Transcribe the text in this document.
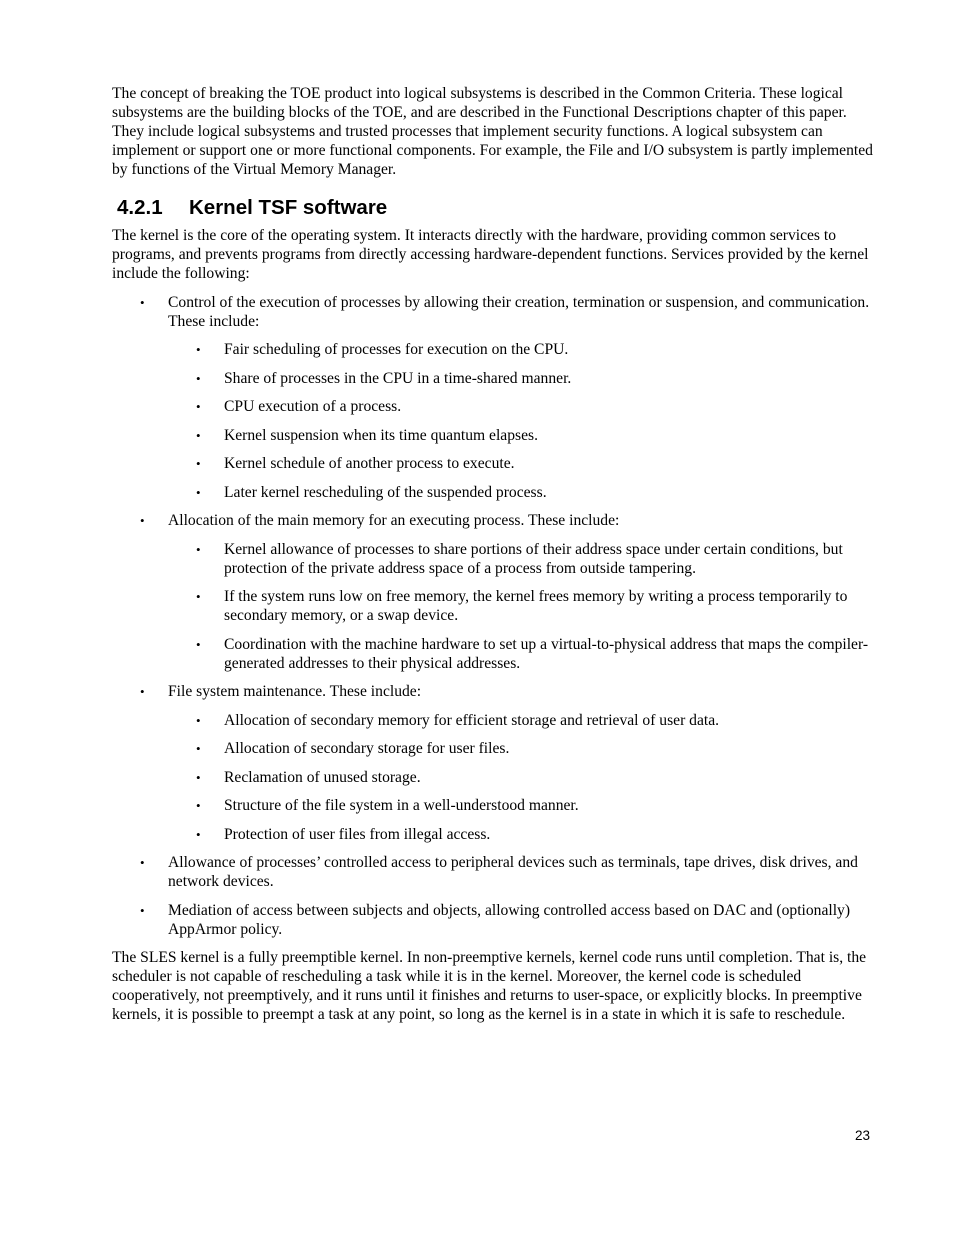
The concept of breaking the TOE product into logical subsystems is described in the Common Criteria. These logical subsystems are the building blocks of the TOE, and are described in the Functional Descriptions chapter of this paper. They include logical subsystems and trusted processes that implement security functions. A logical subsystem can implement or support one or more functional components. For example, the File and I/O subsystem is partly implemented by functions of the Virtual Memory Manager.

4.2.1 Kernel TSF software

The kernel is the core of the operating system. It interacts directly with the hardware, providing common services to programs, and prevents programs from directly accessing hardware-dependent functions. Services provided by the kernel include the following:

• Control of the execution of processes by allowing their creation, termination or suspension, and communication. These include:
• Fair scheduling of processes for execution on the CPU.
• Share of processes in the CPU in a time-shared manner.
• CPU execution of a process.
• Kernel suspension when its time quantum elapses.
• Kernel schedule of another process to execute.
• Later kernel rescheduling of the suspended process.
• Allocation of the main memory for an executing process. These include:
• Kernel allowance of processes to share portions of their address space under certain conditions, but protection of the private address space of a process from outside tampering.
• If the system runs low on free memory, the kernel frees memory by writing a process temporarily to secondary memory, or a swap device.
• Coordination with the machine hardware to set up a virtual-to-physical address that maps the compiler-generated addresses to their physical addresses.
• File system maintenance. These include:
• Allocation of secondary memory for efficient storage and retrieval of user data.
• Allocation of secondary storage for user files.
• Reclamation of unused storage.
• Structure of the file system in a well-understood manner.
• Protection of user files from illegal access.
• Allowance of processes’ controlled access to peripheral devices such as terminals, tape drives, disk drives, and network devices.
• Mediation of access between subjects and objects, allowing controlled access based on DAC and (optionally) AppArmor policy.

The SLES kernel is a fully preemptible kernel. In non-preemptive kernels, kernel code runs until completion. That is, the scheduler is not capable of rescheduling a task while it is in the kernel. Moreover, the kernel code is scheduled cooperatively, not preemptively, and it runs until it finishes and returns to user-space, or explicitly blocks. In preemptive kernels, it is possible to preempt a task at any point, so long as the kernel is in a state in which it is safe to reschedule.

23
